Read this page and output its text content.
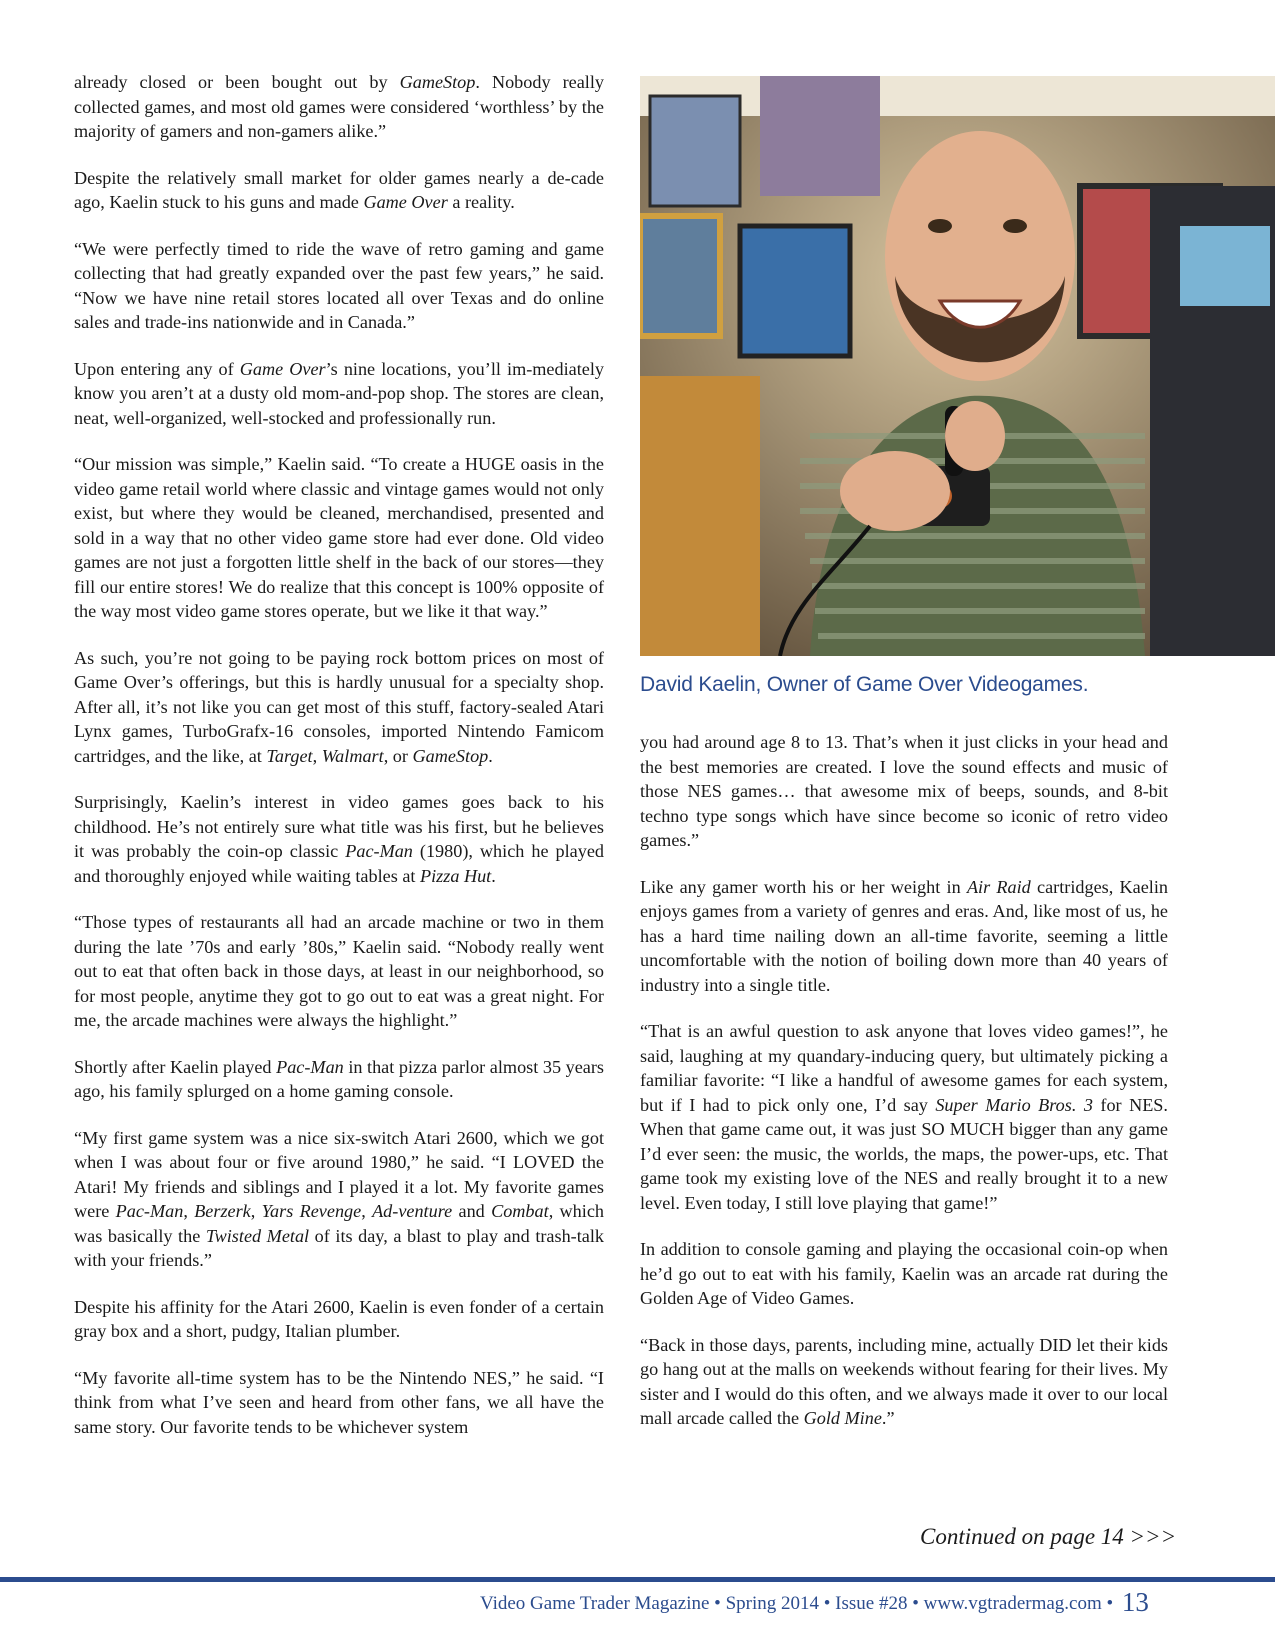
already closed or been bought out by GameStop. Nobody really collected games, and most old games were considered ‘worthless’ by the majority of gamers and non-gamers alike.”

Despite the relatively small market for older games nearly a de-cade ago, Kaelin stuck to his guns and made Game Over a reality.

“We were perfectly timed to ride the wave of retro gaming and game collecting that had greatly expanded over the past few years,” he said. “Now we have nine retail stores located all over Texas and do online sales and trade-ins nationwide and in Canada.”

Upon entering any of Game Over’s nine locations, you’ll im-mediately know you aren’t at a dusty old mom-and-pop shop. The stores are clean, neat, well-organized, well-stocked and professionally run.

“Our mission was simple,” Kaelin said. “To create a HUGE oasis in the video game retail world where classic and vintage games would not only exist, but where they would be cleaned, merchandised, presented and sold in a way that no other video game store had ever done. Old video games are not just a forgotten little shelf in the back of our stores—they fill our entire stores! We do realize that this concept is 100% opposite of the way most video game stores operate, but we like it that way.”

As such, you’re not going to be paying rock bottom prices on most of Game Over’s offerings, but this is hardly unusual for a specialty shop. After all, it’s not like you can get most of this stuff, factory-sealed Atari Lynx games, TurboGrafx-16 consoles, imported Nintendo Famicom cartridges, and the like, at Target, Walmart, or GameStop.

Surprisingly, Kaelin’s interest in video games goes back to his childhood. He’s not entirely sure what title was his first, but he believes it was probably the coin-op classic Pac-Man (1980), which he played and thoroughly enjoyed while waiting tables at Pizza Hut.

“Those types of restaurants all had an arcade machine or two in them during the late ’70s and early ’80s,” Kaelin said. “Nobody really went out to eat that often back in those days, at least in our neighborhood, so for most people, anytime they got to go out to eat was a great night. For me, the arcade machines were always the highlight.”

Shortly after Kaelin played Pac-Man in that pizza parlor almost 35 years ago, his family splurged on a home gaming console.

“My first game system was a nice six-switch Atari 2600, which we got when I was about four or five around 1980,” he said. “I LOVED the Atari! My friends and siblings and I played it a lot. My favorite games were Pac-Man, Berzerk, Yars Revenge, Ad-venture and Combat, which was basically the Twisted Metal of its day, a blast to play and trash-talk with your friends.”

Despite his affinity for the Atari 2600, Kaelin is even fonder of a certain gray box and a short, pudgy, Italian plumber.

“My favorite all-time system has to be the Nintendo NES,” he said. “I think from what I’ve seen and heard from other fans, we all have the same story. Our favorite tends to be whichever system

David Kaelin, Owner of Game Over Videogames.

you had around age 8 to 13. That’s when it just clicks in your head and the best memories are created. I love the sound effects and music of those NES games… that awesome mix of beeps, sounds, and 8-bit techno type songs which have since become so iconic of retro video games.”

Like any gamer worth his or her weight in Air Raid cartridges, Kaelin enjoys games from a variety of genres and eras. And, like most of us, he has a hard time nailing down an all-time favorite, seeming a little uncomfortable with the notion of boiling down more than 40 years of industry into a single title.

“That is an awful question to ask anyone that loves video games!”, he said, laughing at my quandary-inducing query, but ultimately picking a familiar favorite: “I like a handful of awesome games for each system, but if I had to pick only one, I’d say Super Mario Bros. 3 for NES. When that game came out, it was just SO MUCH bigger than any game I’d ever seen: the music, the worlds, the maps, the power-ups, etc. That game took my existing love of the NES and really brought it to a new level. Even today, I still love playing that game!”

In addition to console gaming and playing the occasional coin-op when he’d go out to eat with his family, Kaelin was an arcade rat during the Golden Age of Video Games.

“Back in those days, parents, including mine, actually DID let their kids go hang out at the malls on weekends without fearing for their lives. My sister and I would do this often, and we always made it over to our local mall arcade called the Gold Mine.”

Continued on page 14 >>>
Video Game Trader Magazine • Spring 2014 • Issue #28 • www.vgtradermag.com • 13
